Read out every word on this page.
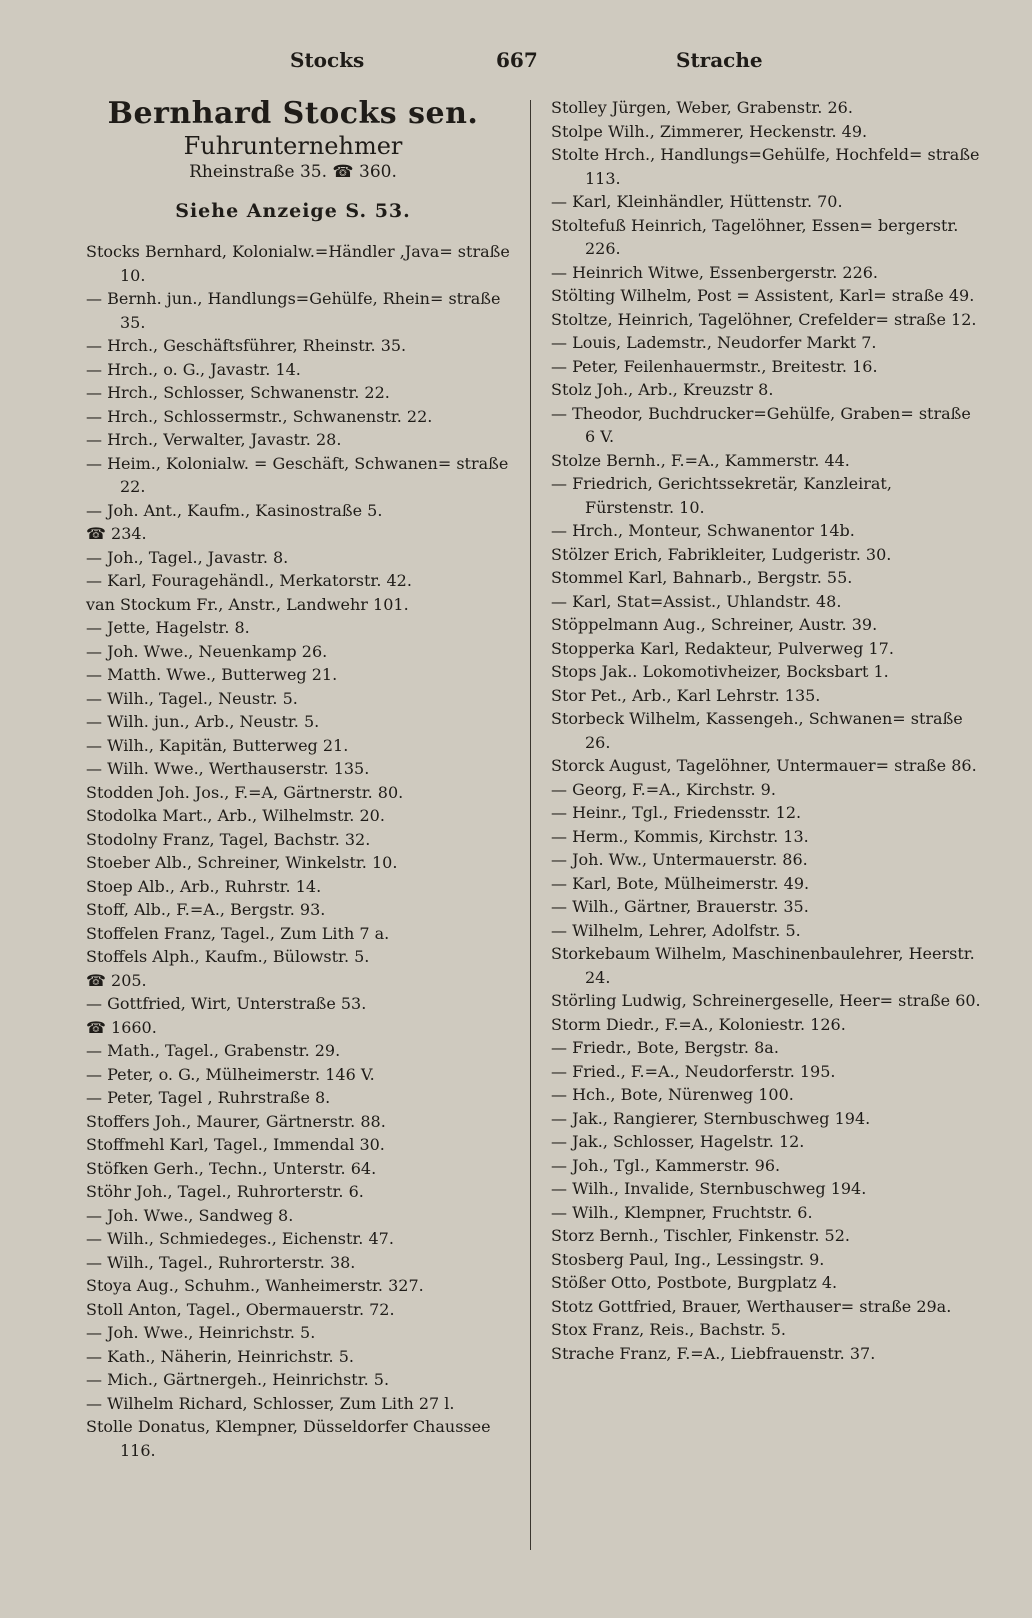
Stocks	667	Strache
Bernhard Stocks sen.
Fuhrunternehmer
Rheinstraße 35. ☎ 360.
Siehe Anzeige S. 53.
Stocks Bernhard, Kolonialw.=Händler ,Java= straße 10.
— Bernh. jun., Handlungs=Gehülfe, Rhein= straße 35.
— Hrch., Geschäftsführer, Rheinstr. 35.
— Hrch., o. G., Javastr. 14.
— Hrch., Schlosser, Schwanenstr. 22.
— Hrch., Schlossermstr., Schwanenstr. 22.
— Hrch., Verwalter, Javastr. 28.
— Heim., Kolonialw. = Geschäft, Schwanen= straße 22.
— Joh. Ant., Kaufm., Kasinostraße 5.
☎ 234.
— Joh., Tagel., Javastr. 8.
— Karl, Fouragehändl., Merkatorstr. 42.
van Stockum Fr., Anstr., Landwehr 101.
— Jette, Hagelstr. 8.
— Joh. Wwe., Neuenkamp 26.
— Matth. Wwe., Butterweg 21.
— Wilh., Tagel., Neustr. 5.
— Wilh. jun., Arb., Neustr. 5.
— Wilh., Kapitän, Butterweg 21.
— Wilh. Wwe., Werthauserstr. 135.
Stodden Joh. Jos., F.=A, Gärtnerstr. 80.
Stodolka Mart., Arb., Wilhelmstr. 20.
Stodolny Franz, Tagel, Bachstr. 32.
Stoeber Alb., Schreiner, Winkelstr. 10.
Stoep Alb., Arb., Ruhrstr. 14.
Stoff, Alb., F.=A., Bergstr. 93.
Stoffelen Franz, Tagel., Zum Lith 7 a.
Stoffels Alph., Kaufm., Bülowstr. 5.
☎ 205.
— Gottfried, Wirt, Unterstraße 53.
☎ 1660.
— Math., Tagel., Grabenstr. 29.
— Peter, o. G., Mülheimerstr. 146 V.
— Peter, Tagel , Ruhrstraße 8.
Stoffers Joh., Maurer, Gärtnerstr. 88.
Stoffmehl Karl, Tagel., Immendal 30.
Stöfken Gerh., Techn., Unterstr. 64.
Stöhr Joh., Tagel., Ruhrorterstr. 6.
— Joh. Wwe., Sandweg 8.
— Wilh., Schmiedeges., Eichenstr. 47.
— Wilh., Tagel., Ruhrorterstr. 38.
Stoya Aug., Schuhm., Wanheimerstr. 327.
Stoll Anton, Tagel., Obermauerstr. 72.
— Joh. Wwe., Heinrichstr. 5.
— Kath., Näherin, Heinrichstr. 5.
— Mich., Gärtnergeh., Heinrichstr. 5.
— Wilhelm Richard, Schlosser, Zum Lith 27 l.
Stolle Donatus, Klempner, Düsseldorfer Chaussee 116.
Stolley Jürgen, Weber, Grabenstr. 26.
Stolpe Wilh., Zimmerer, Heckenstr. 49.
Stolte Hrch., Handlungs=Gehülfe, Hochfeld= straße 113.
— Karl, Kleinhändler, Hüttenstr. 70.
Stoltefuß Heinrich, Tagelöhner, Essen= bergerstr. 226.
— Heinrich Witwe, Essenbergerstr. 226.
Stölting Wilhelm, Post = Assistent, Karl= straße 49.
Stoltze, Heinrich, Tagelöhner, Crefelder= straße 12.
— Louis, Lademstr., Neudorfer Markt 7.
— Peter, Feilenhauermstr., Breitestr. 16.
Stolz Joh., Arb., Kreuzstr 8.
— Theodor, Buchdrucker=Gehülfe, Graben= straße 6 V.
Stolze Bernh., F.=A., Kammerstr. 44.
— Friedrich, Gerichtssekretär, Kanzleirat, Fürstenstr. 10.
— Hrch., Monteur, Schwanentor 14b.
Stölzer Erich, Fabrikleiter, Ludgeristr. 30.
Stommel Karl, Bahnarb., Bergstr. 55.
— Karl, Stat=Assist., Uhlandstr. 48.
Stöppelmann Aug., Schreiner, Austr. 39.
Stopperka Karl, Redakteur, Pulverweg 17.
Stops Jak.. Lokomotivheizer, Bocksbart 1.
Stor Pet., Arb., Karl Lehrstr. 135.
Storbeck Wilhelm, Kassengeh., Schwanen= straße 26.
Storck August, Tagelöhner, Untermauer= straße 86.
— Georg, F.=A., Kirchstr. 9.
— Heinr., Tgl., Friedensstr. 12.
— Herm., Kommis, Kirchstr. 13.
— Joh. Ww., Untermauerstr. 86.
— Karl, Bote, Mülheimerstr. 49.
— Wilh., Gärtner, Brauerstr. 35.
— Wilhelm, Lehrer, Adolfstr. 5.
Storkebaum Wilhelm, Maschinenbaulehrer, Heerstr. 24.
Störling Ludwig, Schreinergeselle, Heer= straße 60.
Storm Diedr., F.=A., Koloniestr. 126.
— Friedr., Bote, Bergstr. 8a.
— Fried., F.=A., Neudorferstr. 195.
— Hch., Bote, Nürenweg 100.
— Jak., Rangierer, Sternbuschweg 194.
— Jak., Schlosser, Hagelstr. 12.
— Joh., Tgl., Kammerstr. 96.
— Wilh., Invalide, Sternbuschweg 194.
— Wilh., Klempner, Fruchtstr. 6.
Storz Bernh., Tischler, Finkenstr. 52.
Stosberg Paul, Ing., Lessingstr. 9.
Stößer Otto, Postbote, Burgplatz 4.
Stotz Gottfried, Brauer, Werthauser= straße 29a.
Stox Franz, Reis., Bachstr. 5.
Strache Franz, F.=A., Liebfrauenstr. 37.
